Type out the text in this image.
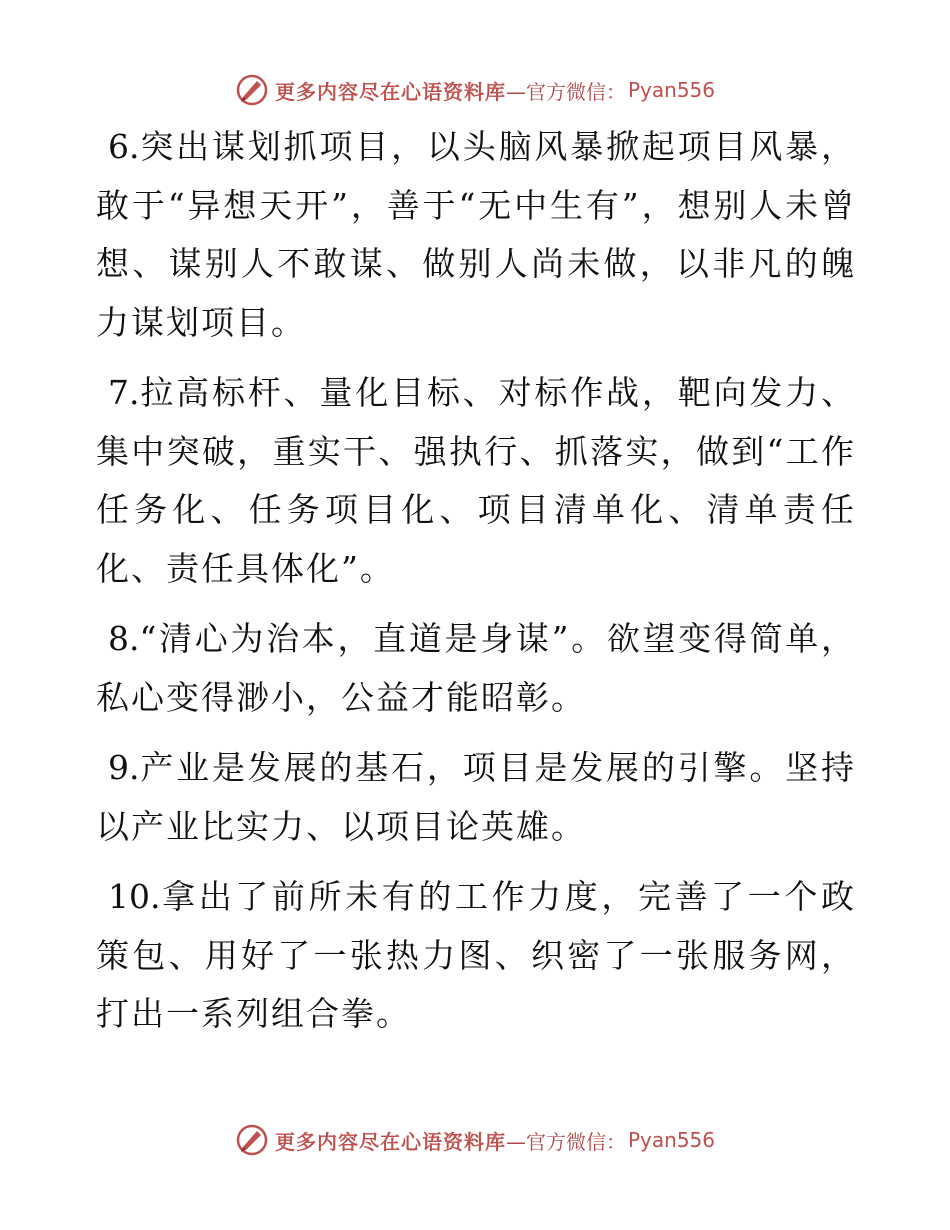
更多内容尽在心语资料库 —官方微信： Pyan556

6.突出谋划抓项目，以头脑风暴掀起项目风暴，敢于“异想天开”，善于“无中生有”，想别人未曾想、谋别人不敢谋、做别人尚未做，以非凡的魄力谋划项目。

7.拉高标杆、量化目标、对标作战，靶向发力、集中突破，重实干、强执行、抓落实，做到“工作任务化、任务项目化、项目清单化、清单责任化、责任具体化”。

8.“清心为治本，直道是身谋”。欲望变得简单，私心变得渺小，公益才能昭彰。

9.产业是发展的基石，项目是发展的引擎。坚持以产业比实力、以项目论英雄。

10.拿出了前所未有的工作力度，完善了一个政策包、用好了一张热力图、织密了一张服务网，打出一系列组合拳。

更多内容尽在心语资料库 —官方微信： Pyan556
